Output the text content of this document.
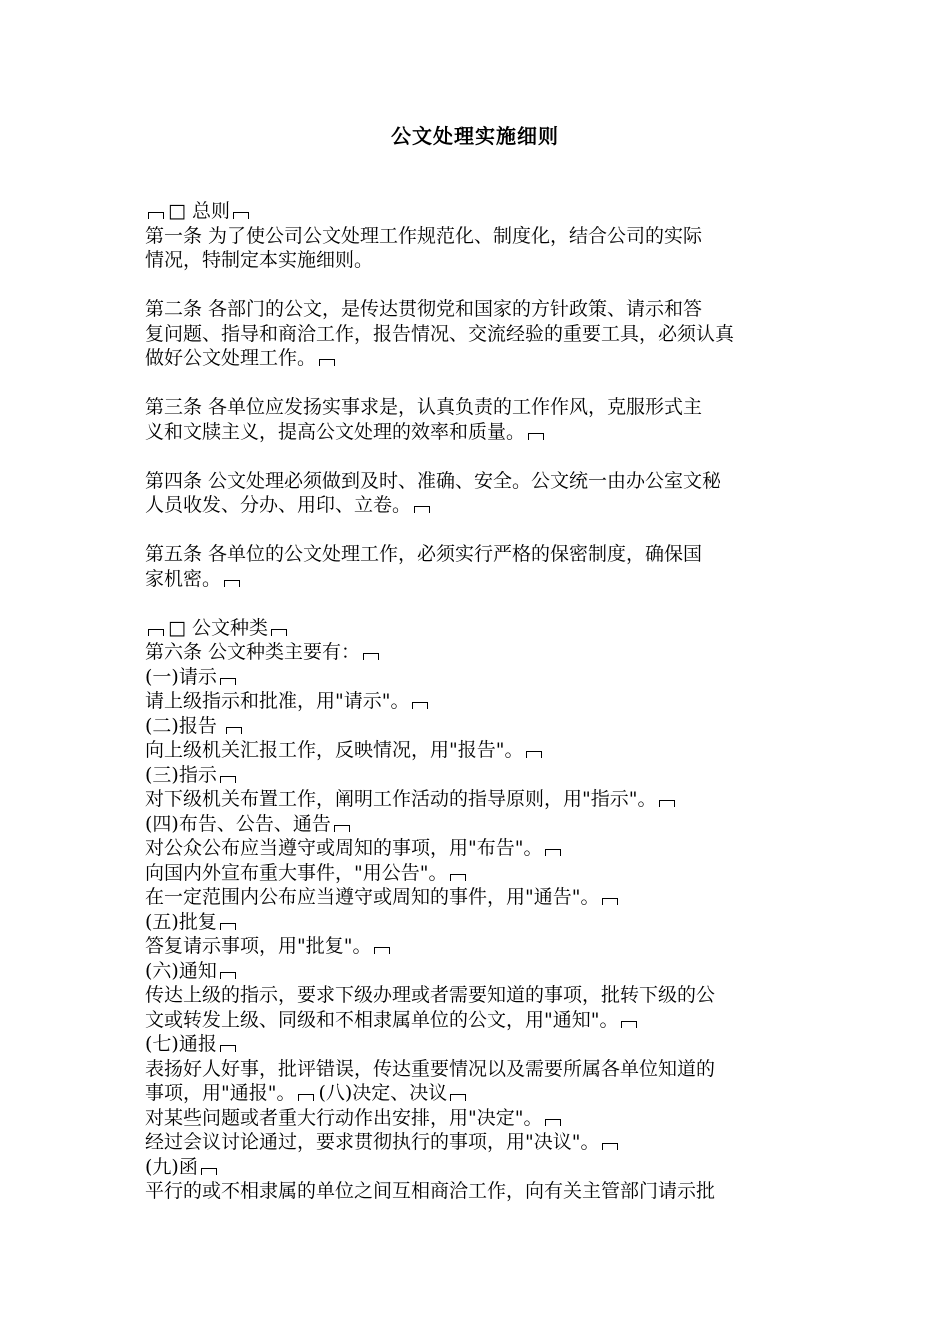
公文处理实施细则
□ 总则
第一条 为了使公司公文处理工作规范化、制度化，结合公司的实际
情况，特制定本实施细则。
第二条 各部门的公文，是传达贯彻党和国家的方针政策、请示和答
复问题、指导和商洽工作，报告情况、交流经验的重要工具，必须认真
做好公文处理工作。
第三条 各单位应发扬实事求是，认真负责的工作作风，克服形式主
义和文牍主义，提高公文处理的效率和质量。
第四条 公文处理必须做到及时、准确、安全。公文统一由办公室文秘
人员收发、分办、用印、立卷。
第五条 各单位的公文处理工作，必须实行严格的保密制度，确保国
家机密。
□ 公文种类
第六条 公文种类主要有：
(一)请示
请上级指示和批准，用"请示"。
(二)报告
向上级机关汇报工作，反映情况，用"报告"。
(三)指示
对下级机关布置工作，阐明工作活动的指导原则，用"指示"。
(四)布告、公告、通告
对公众公布应当遵守或周知的事项，用"布告"。
向国内外宣布重大事件，"用公告"。
在一定范围内公布应当遵守或周知的事件，用"通告"。
(五)批复
答复请示事项，用"批复"。
(六)通知
传达上级的指示，要求下级办理或者需要知道的事项，批转下级的公
文或转发上级、同级和不相隶属单位的公文，用"通知"。
(七)通报
表扬好人好事，批评错误，传达重要情况以及需要所属各单位知道的
事项，用"通报"。 (八)决定、决议
对某些问题或者重大行动作出安排，用"决定"。
经过会议讨论通过，要求贯彻执行的事项，用"决议"。
(九)函
平行的或不相隶属的单位之间互相商洽工作，向有关主管部门请示批
